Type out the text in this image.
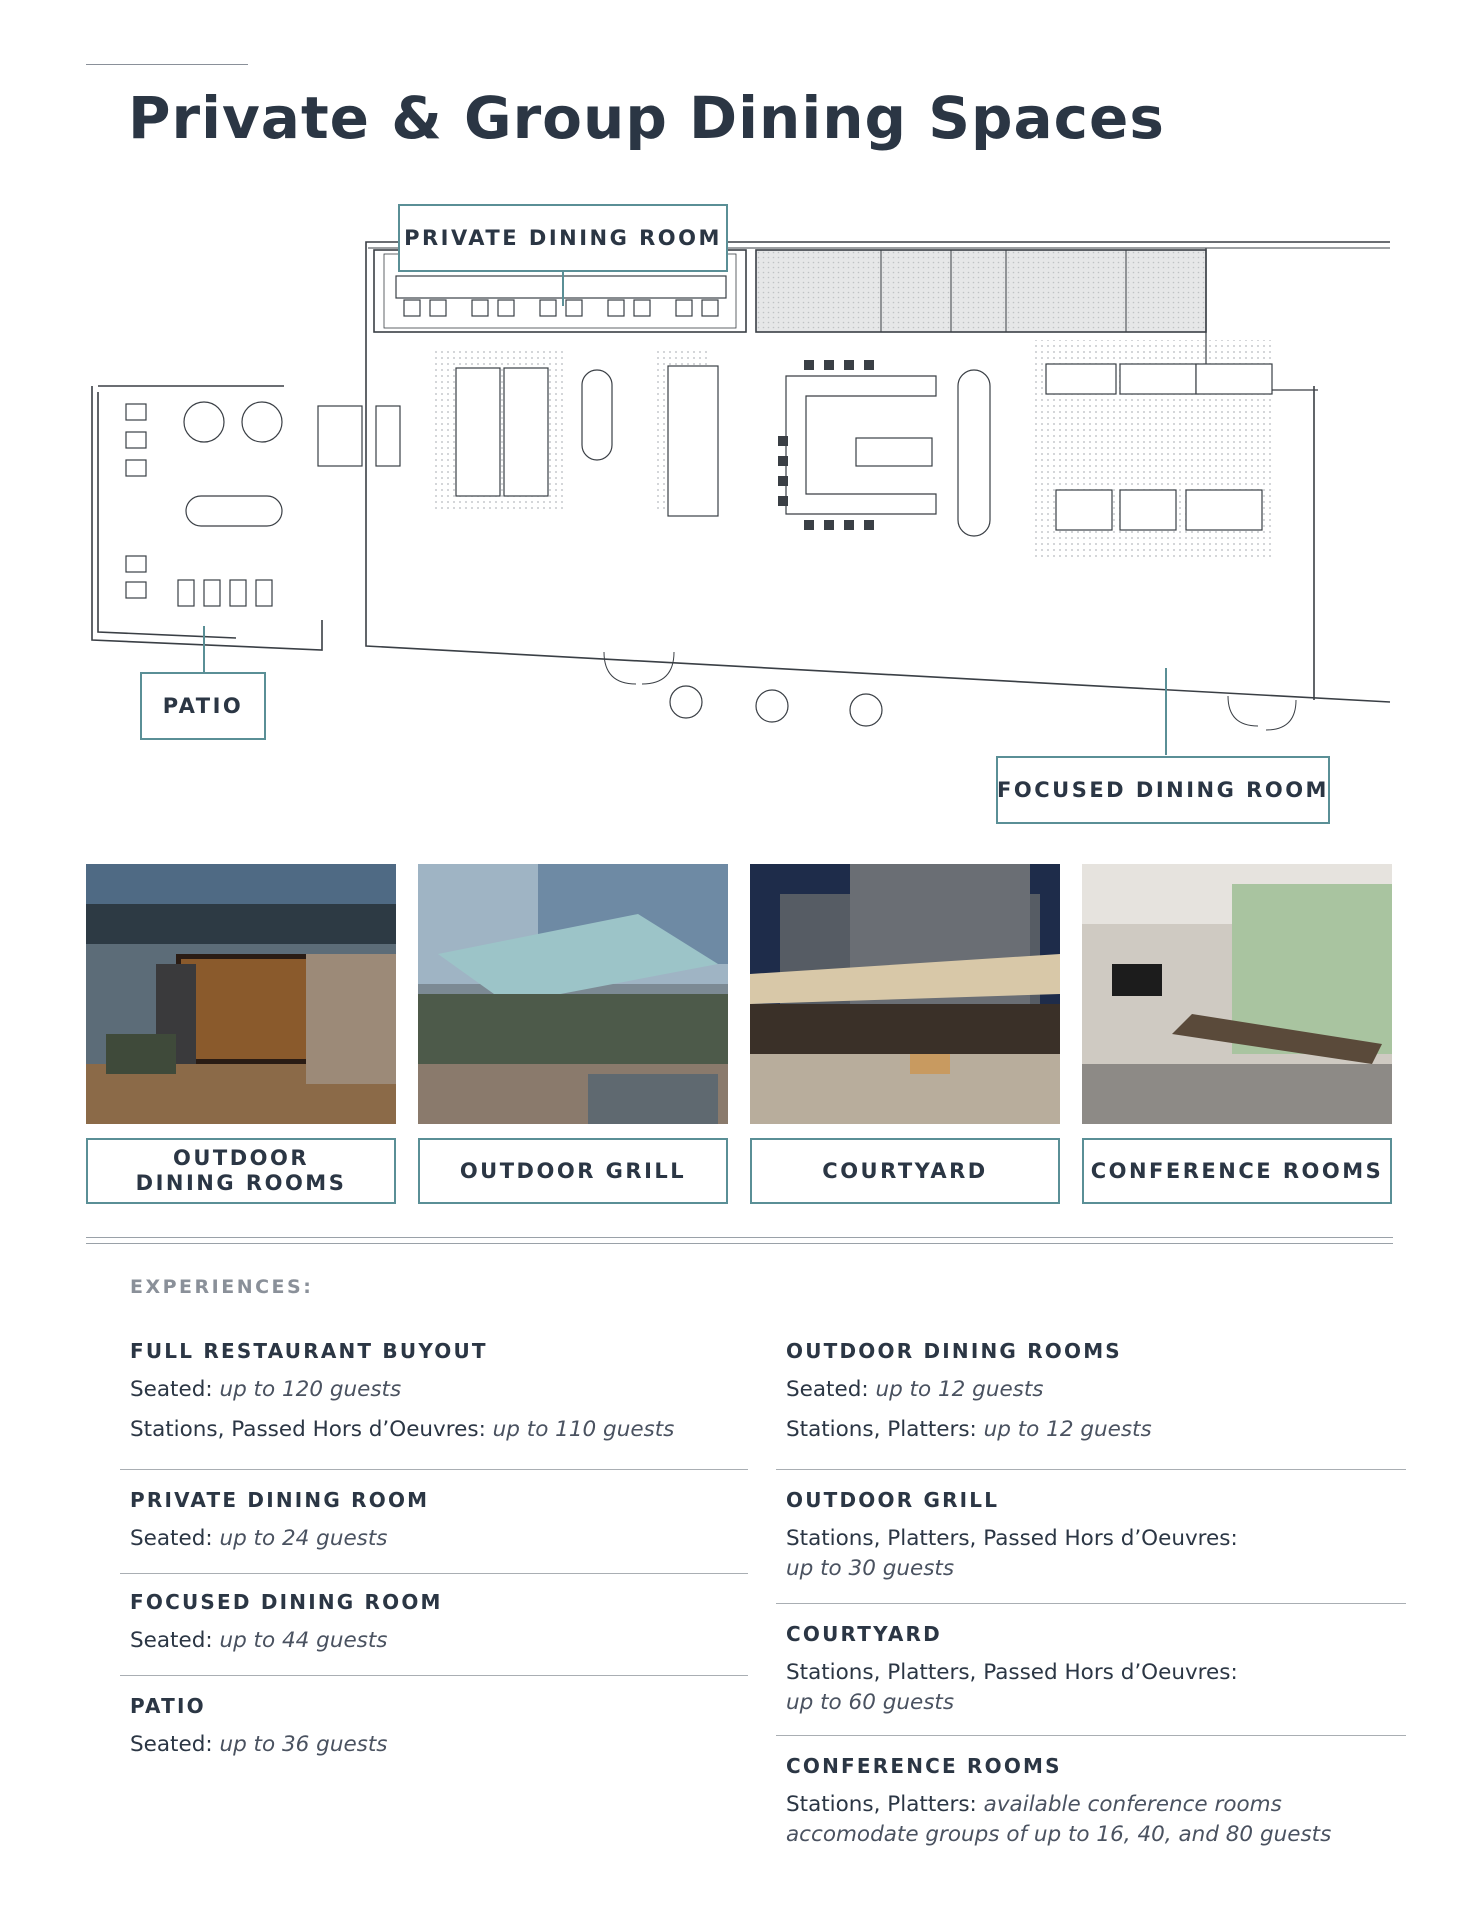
Private & Group Dining Spaces
PRIVATE DINING ROOM
PATIO
FOCUSED DINING ROOM
OUTDOOR
DINING ROOMS
OUTDOOR GRILL	COURTYARD	CONFERENCE ROOMS
EXPERIENCES:
FULL RESTAURANT BUYOUT
Seated: up to 120 guests
Stations, Passed Hors d’Oeuvres: up to 110 guests
PRIVATE DINING ROOM
Seated: up to 24 guests
FOCUSED DINING ROOM
Seated: up to 44 guests
PATIO
Seated: up to 36 guests
OUTDOOR DINING ROOMS
Seated: up to 12 guests
Stations, Platters: up to 12 guests
OUTDOOR GRILL
Stations, Platters, Passed Hors d’Oeuvres:
up to 30 guests
COURTYARD
Stations, Platters, Passed Hors d’Oeuvres:
up to 60 guests
CONFERENCE ROOMS
Stations, Platters: available conference rooms
accomodate groups of up to 16, 40, and 80 guests
